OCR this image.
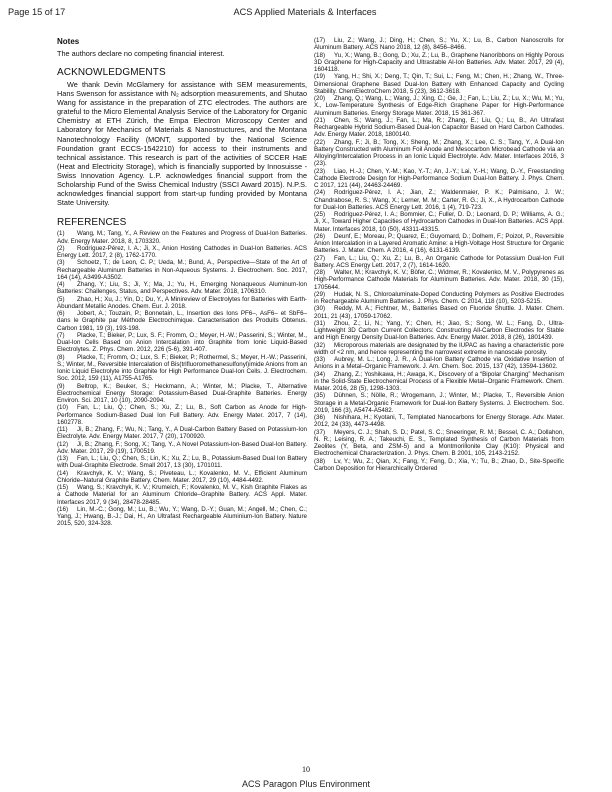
Page 15 of 17	ACS Applied Materials & Interfaces
Notes

The authors declare no competing financial interest.

ACKNOWLEDGMENTS

We thank Devin McGlamery for assistance with SEM measurements, Hans Swenson for assistance with N₂ adsorption measurements, and Shutao Wang for assistance in the preparation of ZTC electrodes. The authors are grateful to the Micro Elemental Analysis Service of the Laboratory for Organic Chemistry at ETH Zürich, the Empa Electron Microscopy Center and Laboratory for Mechanics of Materials & Nanostructures, and the Montana Nanotechnology Facility (MONT, supported by the National Science Foundation grant ECCS-1542210) for access to their instruments and technical assistance. This research is part of the activities of SCCER HaE (Heat and Electricity Storage), which is financially supported by Innosuisse - Swiss Innovation Agency. L.P. acknowledges financial support from the Scholarship Fund of the Swiss Chemical Industry (SSCI Award 2015). N.P.S. acknowledges financial support from start-up funding provided by Montana State University.

REFERENCES

(1) Wang, M.; Tang, Y., A Review on the Features and Progress of Dual-Ion Batteries. Adv. Energy Mater. 2018, 8, 1703320.

(2) Rodríguez-Pérez, I. A.; Ji, X., Anion Hosting Cathodes in Dual-Ion Batteries. ACS Energy Lett. 2017, 2 (8), 1762-1770.

(3) Schoetz, T.; de Leon, C. P.; Ueda, M.; Bund, A., Perspective—State of the Art of Rechargeable Aluminum Batteries in Non-Aqueous Systems. J. Electrochem. Soc. 2017, 164 (14), A3499-A3502.

(4) Zhang, Y.; Liu, S.; Ji, Y.; Ma, J.; Yu, H., Emerging Nonaqueous Aluminum-Ion Batteries: Challenges, Status, and Perspectives. Adv. Mater. 2018, 1706310.

(5) Zhao, H.; Xu, J.; Yin, D.; Du, Y., A Minireview of Electrolytes for Batteries with Earth-Abundant Metallic Anodes. Chem. Eur. J. 2018.

(6) Jobert, A.; Touzain, P.; Bonnetain, L., Insertion des Ions PF6–, AsF6– et SbF6– dans le Graphite par Méthode Electrochimique. Caracterisation des Produits Obtenus. Carbon 1981, 19 (3), 193-198.

(7) Placke, T.; Bieker, P.; Lux, S. F.; Fromm, O.; Meyer, H.-W.; Passerini, S.; Winter, M., Dual-Ion Cells Based on Anion Intercalation into Graphite from Ionic Liquid-Based Electrolytes. Z. Phys. Chem. 2012, 226 (5-6), 391-407.

(8) Placke, T.; Fromm, O.; Lux, S. F.; Bieker, P.; Rothermel, S.; Meyer, H.-W.; Passerini, S.; Winter, M., Reversible Intercalation of Bis(trifluoromethanesulfonyl)imide Anions from an Ionic Liquid Electrolyte into Graphite for High Performance Dual-Ion Cells. J. Electrochem. Soc. 2012, 159 (11), A1755-A1765.

(9) Beltrop, K.; Beuker, S.; Heckmann, A.; Winter, M.; Placke, T., Alternative Electrochemical Energy Storage: Potassium-Based Dual-Graphite Batteries. Energy Environ. Sci. 2017, 10 (10), 2090-2094.

(10) Fan, L.; Liu, Q.; Chen, S.; Xu, Z.; Lu, B., Soft Carbon as Anode for High-Performance Sodium-Based Dual Ion Full Battery. Adv. Energy Mater. 2017, 7 (14), 1602778.

(11) Ji, B.; Zhang, F.; Wu, N.; Tang, Y., A Dual-Carbon Battery Based on Potassium-Ion Electrolyte. Adv. Energy Mater. 2017, 7 (20), 1700920.

(12) Ji, B.; Zhang, F.; Song, X.; Tang, Y., A Novel Potassium-Ion-Based Dual-Ion Battery. Adv. Mater. 2017, 29 (19), 1700519.

(13) Fan, L.; Liu, Q.; Chen, S.; Lin, K.; Xu, Z.; Lu, B., Potassium-Based Dual Ion Battery with Dual-Graphite Electrode. Small 2017, 13 (30), 1701011.

(14) Kravchyk, K. V.; Wang, S.; Piveteau, L.; Kovalenko, M. V., Efficient Aluminum Chloride–Natural Graphite Battery. Chem. Mater. 2017, 29 (10), 4484-4492.

(15) Wang, S.; Kravchyk, K. V.; Krumeich, F.; Kovalenko, M. V., Kish Graphite Flakes as a Cathode Material for an Aluminum Chloride–Graphite Battery. ACS Appl. Mater. Interfaces 2017, 9 (34), 28478-28485.

(16) Lin, M.-C.; Gong, M.; Lu, B.; Wu, Y.; Wang, D.-Y.; Guan, M.; Angell, M.; Chen, C.; Yang, J.; Hwang, B.-J.; Dai, H., An Ultrafast Rechargeable Aluminium-Ion Battery. Nature 2015, 520, 324-328.

(17) Liu, Z.; Wang, J.; Ding, H.; Chen, S.; Yu, X.; Lu, B., Carbon Nanoscrolls for Aluminum Battery. ACS Nano 2018, 12 (8), 8456–8466.

(18) Yu, X.; Wang, B.; Gong, D.; Xu, Z.; Lu, B., Graphene Nanoribbons on Highly Porous 3D Graphene for High-Capacity and Ultrastable Al-Ion Batteries. Adv. Mater. 2017, 29 (4), 1604118.

(19) Yang, H.; Shi, X.; Deng, T.; Qin, T.; Sui, L.; Feng, M.; Chen, H.; Zhang, W., Three-Dimensional Graphene Based Dual-Ion Battery with Enhanced Capacity and Cycling Stability. ChemElectroChem 2018, 5 (23), 3612-3618.

(20) Zhang, Q.; Wang, L.; Wang, J.; Xing, C.; Ge, J.; Fan, L.; Liu, Z.; Lu, X.; Wu, M.; Yu, X., Low-Temperature Synthesis of Edge-Rich Graphene Paper for High-Performance Aluminum Batteries. Energy Storage Mater. 2018, 15 361-367.

(21) Chen, S.; Wang, J.; Fan, L.; Ma, R.; Zhang, E.; Liu, Q.; Lu, B., An Ultrafast Rechargeable Hybrid Sodium-Based Dual-Ion Capacitor Based on Hard Carbon Cathodes. Adv. Energy Mater. 2018, 1800140.

(22) Zhang, F.; Ji, B.; Tong, X.; Sheng, M.; Zhang, X.; Lee, C. S.; Tang, Y., A Dual-Ion Battery Constructed with Aluminum Foil Anode and Mesocarbon Microbead Cathode via an Alloying/Intercalation Process in an Ionic Liquid Electrolyte. Adv. Mater. Interfaces 2016, 3 (23).

(23) Liao, H.-J.; Chen, Y.-M.; Kao, Y.-T.; An, J.-Y.; Lai, Y.-H.; Wang, D.-Y., Freestanding Cathode Electrode Design for High-Performance Sodium Dual-Ion Battery. J. Phys. Chem. C 2017, 121 (44), 24463-24469.

(24) Rodríguez-Pérez, I. A.; Jian, Z.; Waldenmaier, P. K.; Palmisano, J. W.; Chandrabose, R. S.; Wang, X.; Lerner, M. M.; Carter, R. G.; Ji, X., A Hydrocarbon Cathode for Dual-Ion Batteries. ACS Energy Lett. 2016, 1 (4), 719-723.

(25) Rodríguez-Pérez, I. A.; Bommier, C.; Fuller, D. D.; Leonard, D. P.; Williams, A. G.; Ji, X., Toward Higher Capacities of Hydrocarbon Cathodes in Dual-Ion Batteries. ACS Appl. Mater. Interfaces 2018, 10 (50), 43311-43315.

(26) Deunf, E.; Moreau, P.; Quarez, E.; Guyomard, D.; Dolhem, F.; Poizot, P., Reversible Anion Intercalation in a Layered Aromatic Amine: a High-Voltage Host Structure for Organic Batteries. J. Mater. Chem. A 2016, 4 (16), 6131-6139.

(27) Fan, L.; Liu, Q.; Xu, Z.; Lu, B., An Organic Cathode for Potassium Dual-Ion Full Battery. ACS Energy Lett. 2017, 2 (7), 1614-1620.

(28) Walter, M.; Kravchyk, K. V.; Böfer, C.; Widmer, R.; Kovalenko, M. V., Polypyrenes as High-Performance Cathode Materials for Aluminum Batteries. Adv. Mater. 2018, 30 (15), 1705644.

(29) Hudak, N. S., Chloroaluminate-Doped Conducting Polymers as Positive Electrodes in Rechargeable Aluminum Batteries. J. Phys. Chem. C 2014, 118 (10), 5203-5215.

(30) Reddy, M. A.; Fichtner, M., Batteries Based on Fluoride Shuttle. J. Mater. Chem. 2011, 21 (43), 17059-17062.

(31) Zhou, Z.; Li, N.; Yang, Y.; Chen, H.; Jiao, S.; Song, W. L.; Fang, D., Ultra-Lightweight 3D Carbon Current Collectors: Constructing All-Carbon Electrodes for Stable and High Energy Density Dual-Ion Batteries. Adv. Energy Mater. 2018, 8 (26), 1801439.

(32) Microporous materials are designated by the IUPAC as having a characteristic pore width of <2 nm, and hence representing the narrowest extreme in nanoscale porosity.

(33) Aubrey, M. L.; Long, J. R., A Dual-Ion Battery Cathode via Oxidative Insertion of Anions in a Metal–Organic Framework. J. Am. Chem. Soc. 2015, 137 (42), 13594-13602.

(34) Zhang, Z.; Yoshikawa, H.; Awaga, K., Discovery of a “Bipolar Charging” Mechanism in the Solid-State Electrochemical Process of a Flexible Metal–Organic Framework. Chem. Mater. 2016, 28 (5), 1298-1303.

(35) Dühnen, S.; Nölle, R.; Wrogemann, J.; Winter, M.; Placke, T., Reversible Anion Storage in a Metal-Organic Framework for Dual-Ion Battery Systems. J. Electrochem. Soc. 2019, 166 (3), A5474-A5482.

(36) Nishihara, H.; Kyotani, T., Templated Nanocarbons for Energy Storage. Adv. Mater. 2012, 24 (33), 4473-4498.

(37) Meyers, C. J.; Shah, S. D.; Patel, S. C.; Sneeringer, R. M.; Bessel, C. A.; Dollahon, N. R.; Leising, R. A.; Takeuchi, E. S., Templated Synthesis of Carbon Materials from Zeolites (Y, Beta, and ZSM-5) and a Montmorillonite Clay (K10): Physical and Electrochemical Characterization. J. Phys. Chem. B 2001, 105, 2143-2152.

(38) Lv, Y.; Wu, Z.; Qian, X.; Fang, Y.; Feng, D.; Xia, Y.; Tu, B.; Zhao, D., Site-Specific Carbon Deposition for Hierarchically Ordered

10
ACS Paragon Plus Environment
